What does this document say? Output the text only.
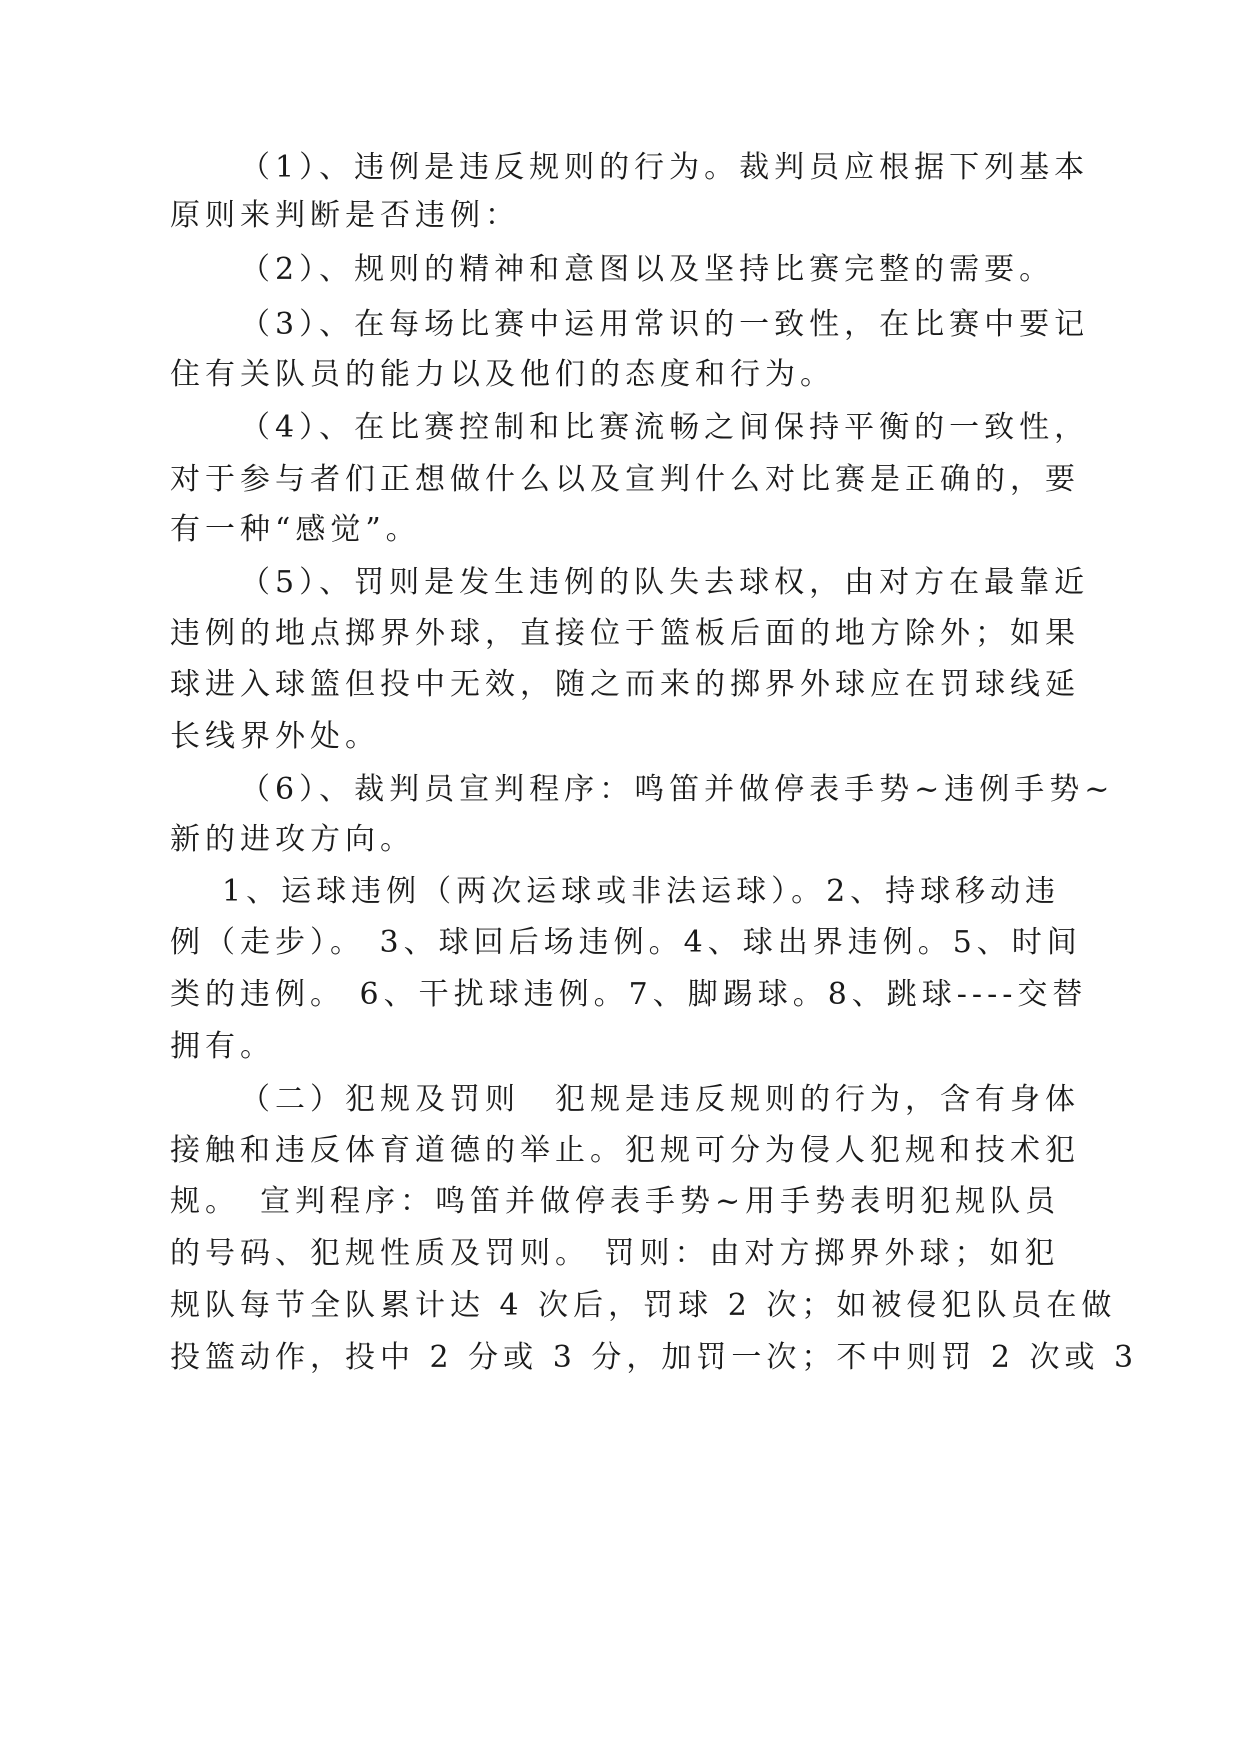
（1）、违例是违反规则的行为。裁判员应根据下列基本
原则来判断是否违例：
（2）、规则的精神和意图以及坚持比赛完整的需要。
（3）、在每场比赛中运用常识的一致性，在比赛中要记
住有关队员的能力以及他们的态度和行为。
（4）、在比赛控制和比赛流畅之间保持平衡的一致性，
对于参与者们正想做什么以及宣判什么对比赛是正确的，要
有一种“感觉”。
（5）、罚则是发生违例的队失去球权，由对方在最靠近
违例的地点掷界外球，直接位于篮板后面的地方除外；如果
球进入球篮但投中无效，随之而来的掷界外球应在罚球线延
长线界外处。
（6）、裁判员宣判程序：鸣笛并做停表手势~违例手势~
新的进攻方向。
1、运球违例（两次运球或非法运球）。2、持球移动违
例（走步）。 3、球回后场违例。4、球出界违例。5、时间
类的违例。 6、干扰球违例。7、脚踢球。8、跳球----交替
拥有。
（二）犯规及罚则　犯规是违反规则的行为，含有身体
接触和违反体育道德的举止。犯规可分为侵人犯规和技术犯
规。　宣判程序：鸣笛并做停表手势~用手势表明犯规队员
的号码、犯规性质及罚则。 罚则：由对方掷界外球；如犯
规队每节全队累计达 4 次后，罚球 2 次；如被侵犯队员在做
投篮动作，投中 2 分或 3 分，加罚一次；不中则罚 2 次或 3
